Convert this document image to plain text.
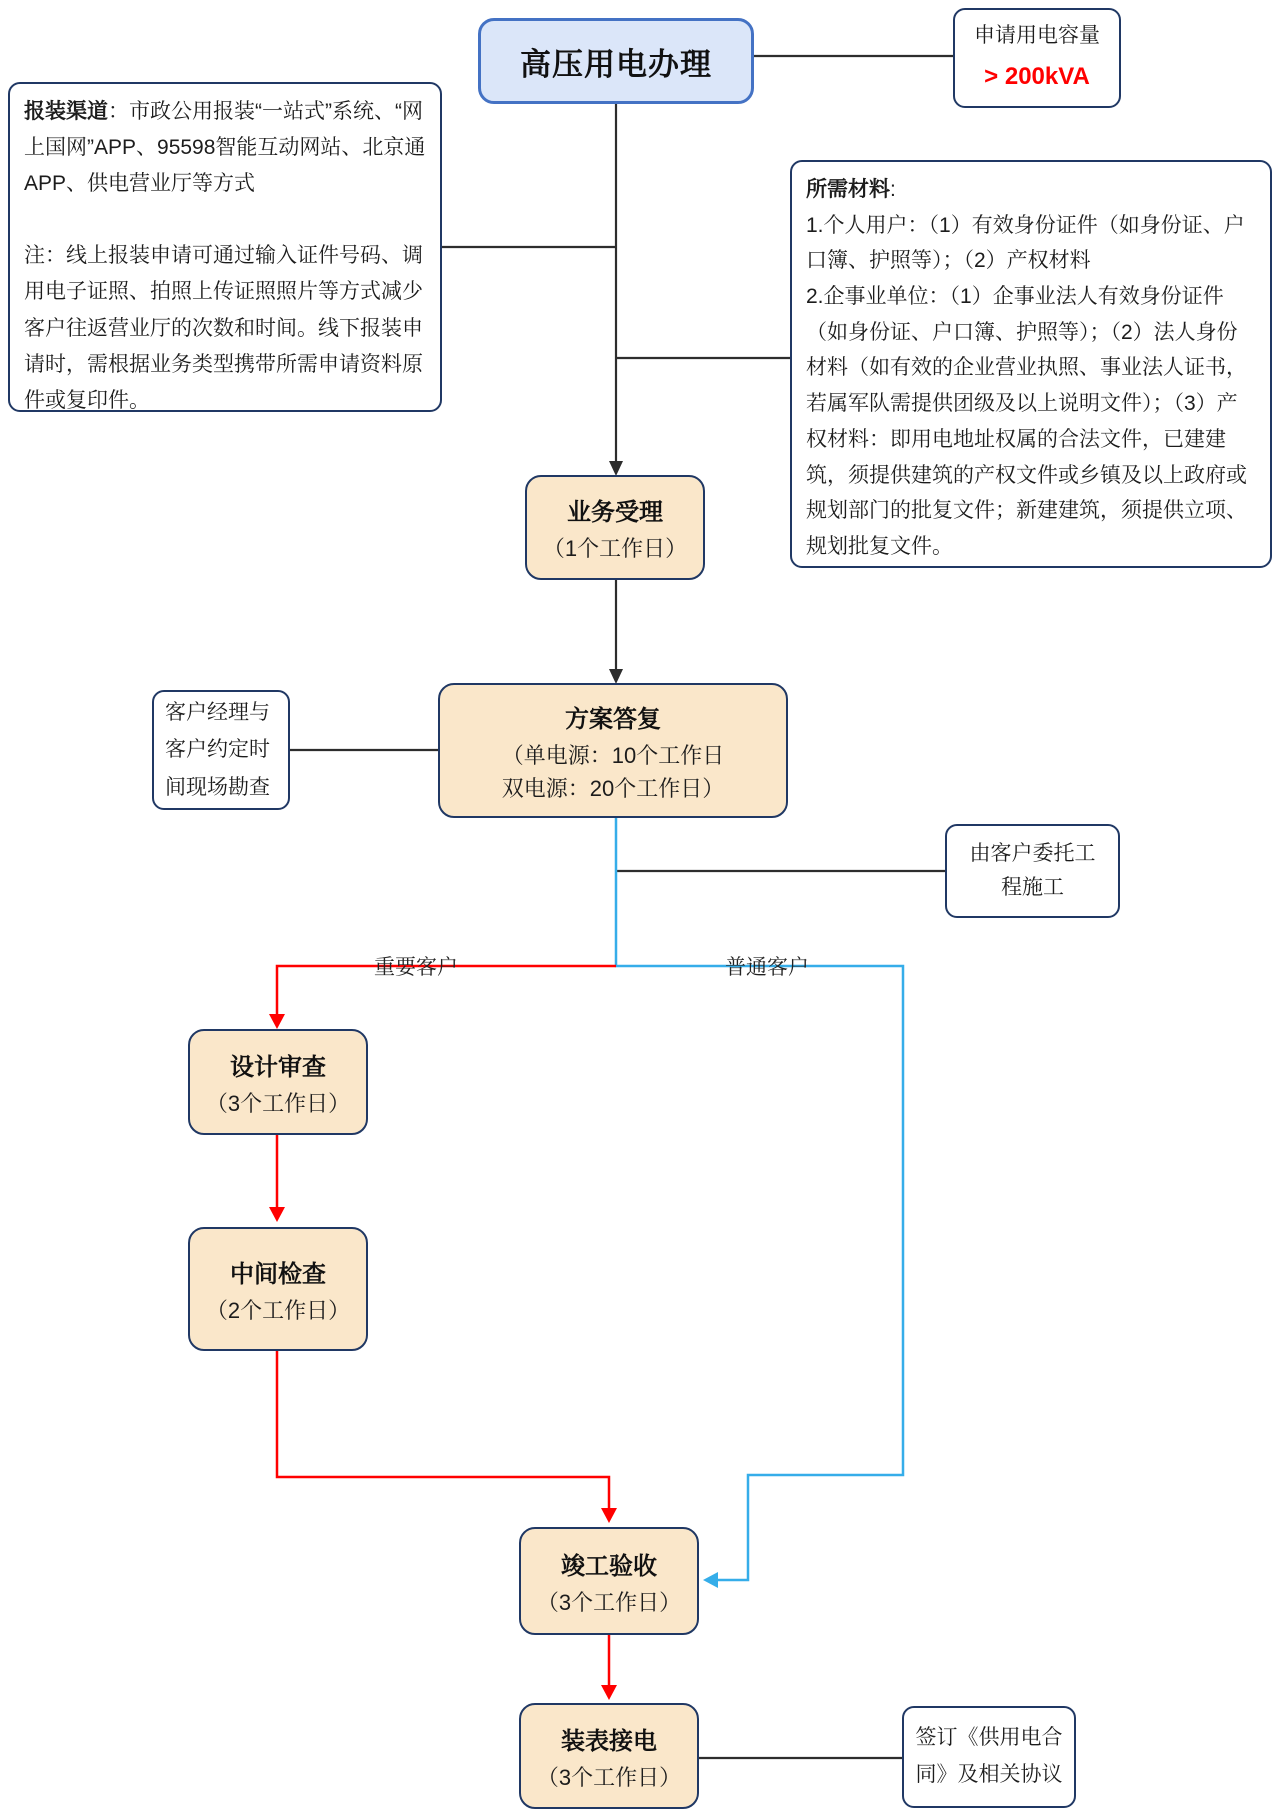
高压用电办理
申请用电容量
> 200kVA
报装渠道：市政公用报装“一站式”系统、“网上国网”APP、95598智能互动网站、北京通APP、供电营业厅等方式
注：线上报装申请可通过输入证件号码、调用电子证照、拍照上传证照照片等方式减少客户往返营业厅的次数和时间。线下报装申请时，需根据业务类型携带所需申请资料原件或复印件。
所需材料:
1.个人用户：（1）有效身份证件（如身份证、户口簿、护照等）；（2）产权材料
2.企事业单位：（1）企事业法人有效身份证件（如身份证、户口簿、护照等）；（2）法人身份材料（如有效的企业营业执照、事业法人证书，若属军队需提供团级及以上说明文件）；（3）产权材料：即用电地址权属的合法文件，已建建筑，须提供建筑的产权文件或乡镇及以上政府或规划部门的批复文件；新建建筑，须提供立项、规划批复文件。
业务受理
（1个工作日）
方案答复
（单电源：10个工作日
双电源：20个工作日）
设计审查
（3个工作日）
中间检查
（2个工作日）
竣工验收
（3个工作日）
装表接电
（3个工作日）
客户经理与客户约定时间现场勘查
由客户委托工程施工
签订《供用电合同》及相关协议
重要客户	普通客户
